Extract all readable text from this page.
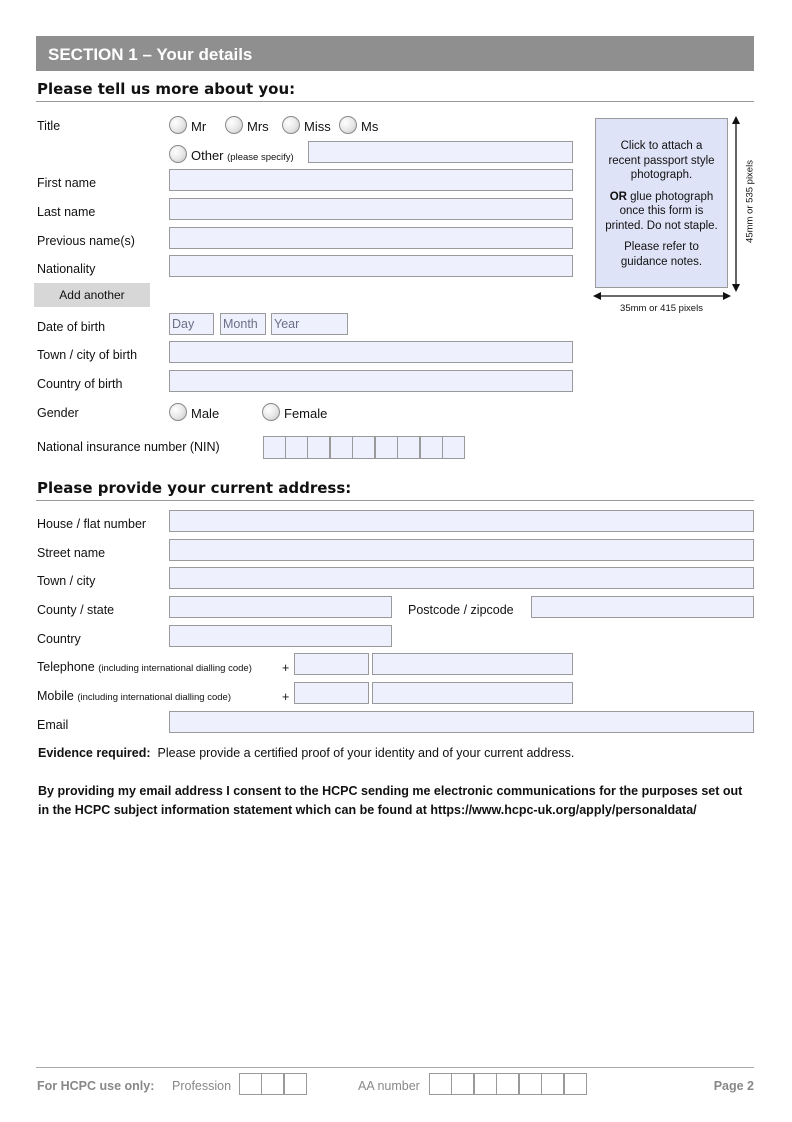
SECTION 1 – Your details
Please tell us more about you:
Title	Mr	Mrs	Miss Ms
Other (please specify)
First name
Last name
Previous name(s)
Nationality
Add another
Date of birth	Day Month Year
Town / city of birth
Country of birth
Gender	Male	Female
National insurance number (NIN)

Click to attach a recent passport style photograph.

OR glue photograph once this form is printed. Do not staple.

Please refer to guidance notes.

45mm or 535 pixels
35mm or 415 pixels
Please provide your current address:
House / flat number
Street name
Town / city
County / state	Postcode / zipcode
Country
Telephone (including international dialling code) +
Mobile (including international dialling code)	+
Email
Evidence required: Please provide a certified proof of your identity and of your current address.
By providing my email address I consent to the HCPC sending me electronic communications for the purposes set out in the HCPC subject information statement which can be found at https://www.hcpc-uk.org/apply/personaldata/
For HCPC use only: Profession	AA number	Page 2
